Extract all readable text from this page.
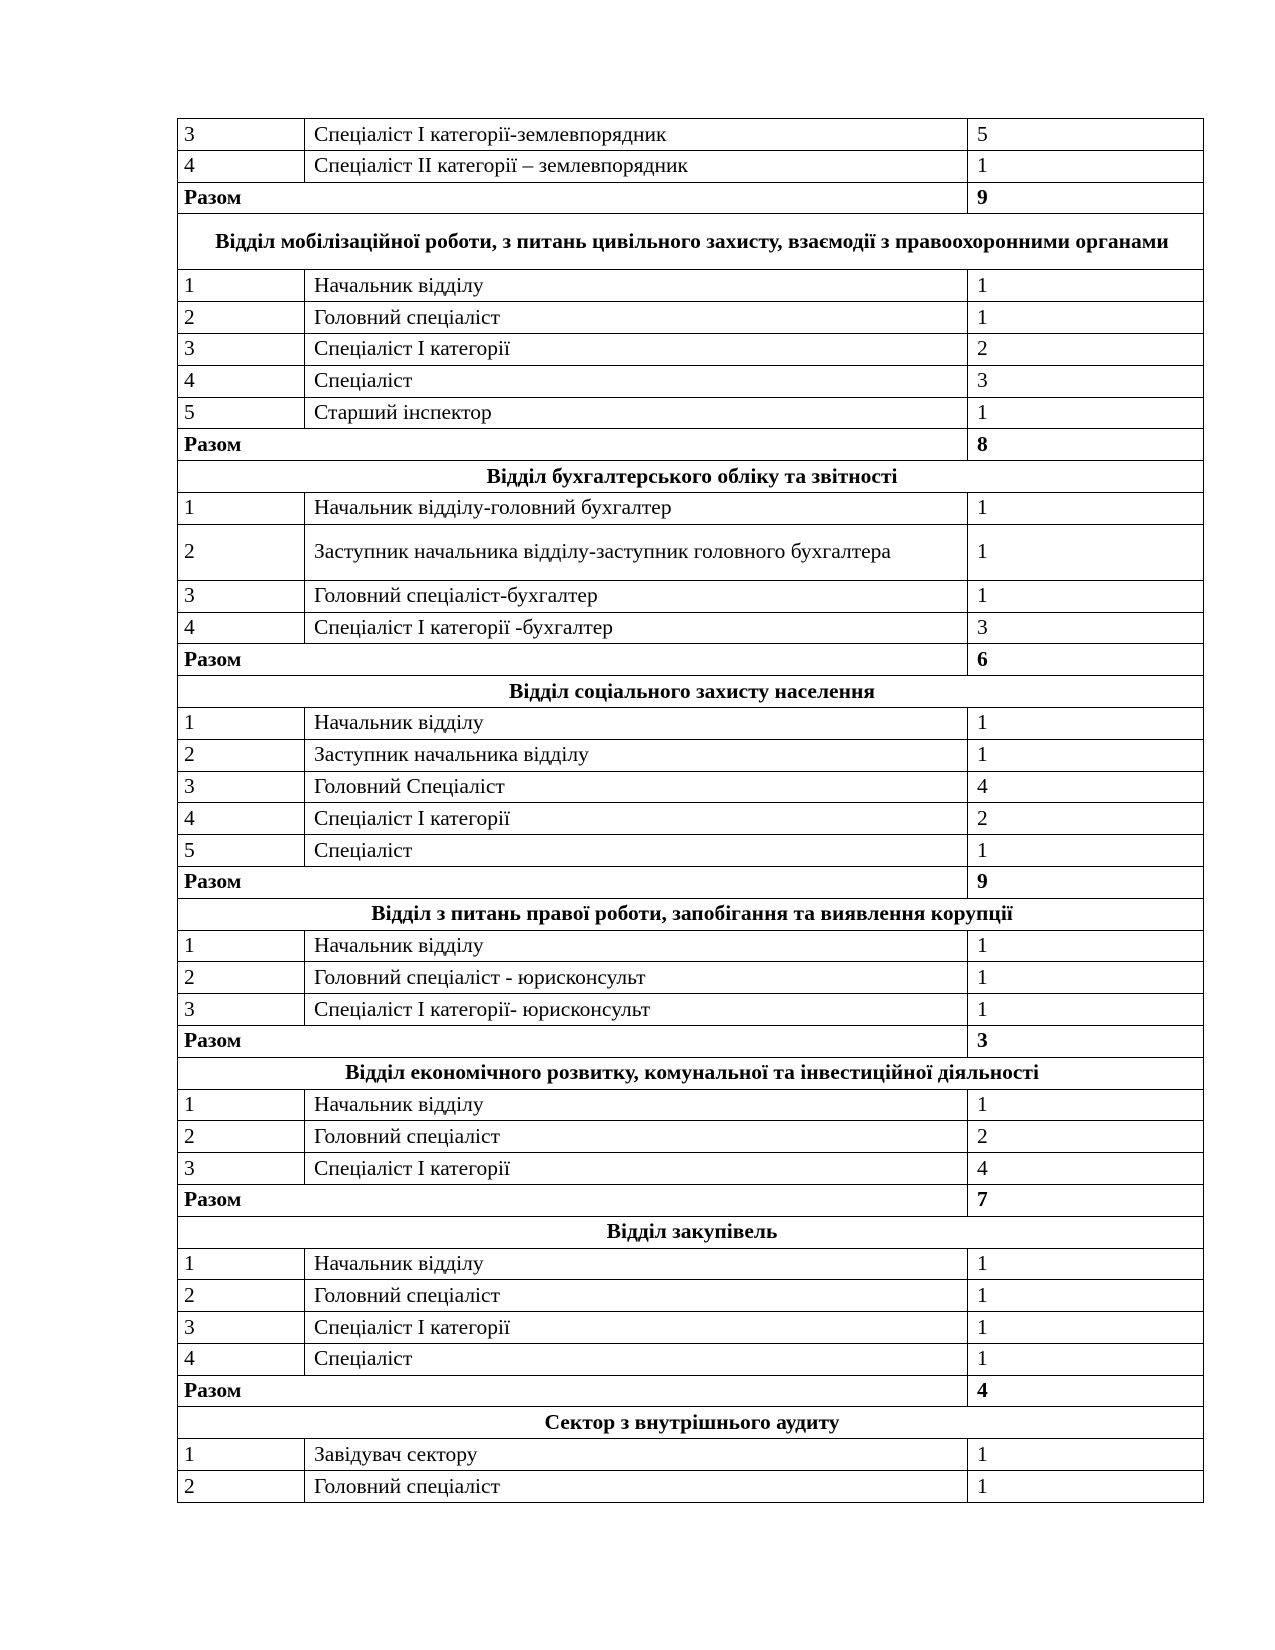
3	Спеціаліст І категорії-землевпорядник	5
4	Спеціаліст ІІ категорії – землевпорядник	1
Разом		9
Відділ мобілізаційної роботи, з питань цивільного захисту, взаємодії з правоохоронними органами		
1	Начальник відділу	1
2	Головний спеціаліст	1
3	Спеціаліст І категорії	2
4	Спеціаліст	3
5	Старший інспектор	1
Разом		8
Відділ бухгалтерського обліку та звітності		
1	Начальник відділу-головний бухгалтер	1
2	Заступник начальника відділу-заступник головного бухгалтера	1
3	Головний спеціаліст-бухгалтер	1
4	Спеціаліст І категорії -бухгалтер	3
Разом		6
Відділ соціального захисту населення		
1	Начальник відділу	1
2	Заступник начальника відділу	1
3	Головний Спеціаліст	4
4	Спеціаліст І категорії	2
5	Спеціаліст	1
Разом		9
Відділ з питань правої роботи, запобігання та виявлення корупції		
1	Начальник відділу	1
2	Головний спеціаліст - юрисконсульт	1
3	Спеціаліст І категорії- юрисконсульт	1
Разом		3
Відділ економічного розвитку, комунальної та інвестиційної діяльності		
1	Начальник відділу	1
2	Головний спеціаліст	2
3	Спеціаліст І категорії	4
Разом		7
Відділ закупівель		
1	Начальник відділу	1
2	Головний спеціаліст	1
3	Спеціаліст І категорії	1
4	Спеціаліст	1
Разом		4
Сектор з внутрішнього аудиту		
1	Завідувач сектору	1
2	Головний спеціаліст	1
